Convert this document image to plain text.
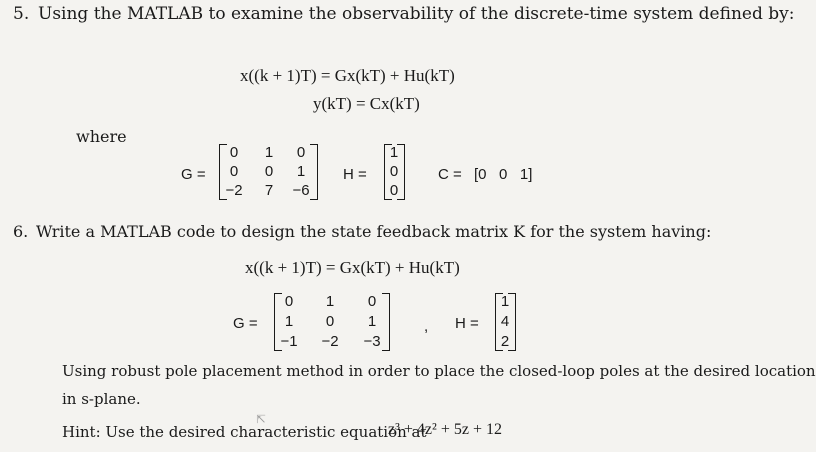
5. Using the MATLAB to examine the observability of the discrete-time system defined by:
x((k + 1)T) = Gx(kT) + Hu(kT)
y(kT) = Cx(kT)
where
G =
0	1	0
0	0	1
−2	7	−6
H =
1
0
0
C = [0   0   1]
6. Write a MATLAB code to design the state feedback matrix K for the system having:
x((k + 1)T) = Gx(kT) + Hu(kT)
G =
0	1	0
1	0	1
−1 −2 −3
, H =
1
4
2
Using robust pole placement method in order to place the closed-loop poles at the desired location
in s-plane.
Hint: Use the desired characteristic equation at
z³ + 4z² + 5z + 12
⇱
